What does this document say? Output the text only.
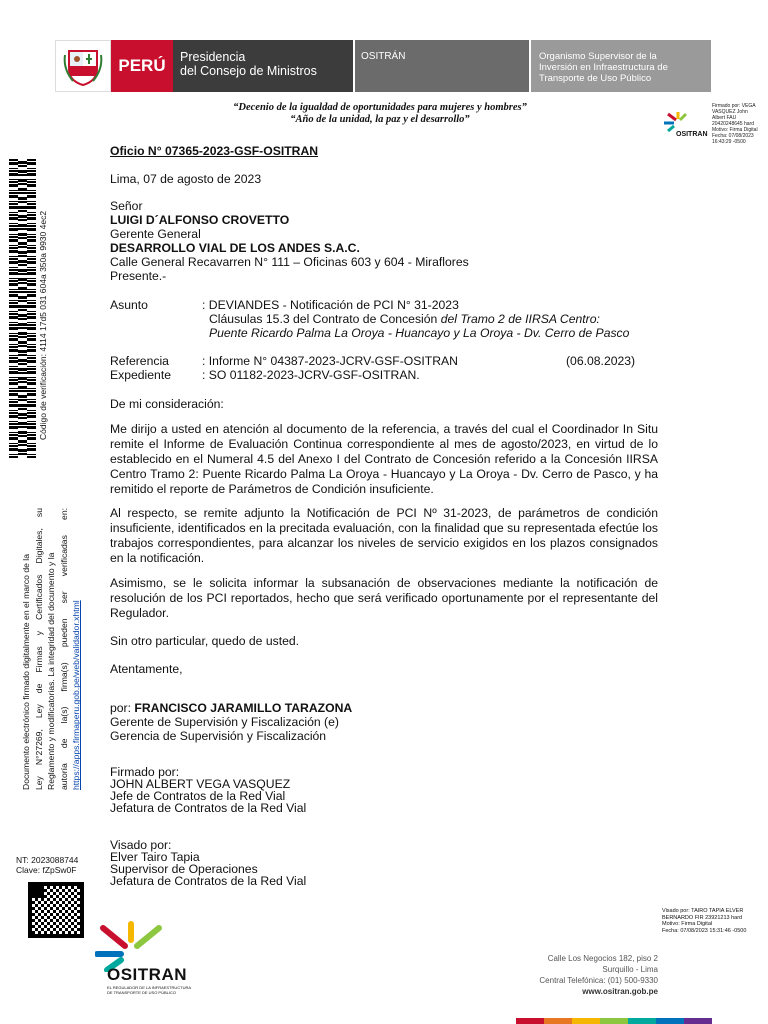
PERÚ	Presidencia
del Consejo de Ministros
OSITRÁN	Organismo Supervisor de la
Inversión en Infraestructura de
Transporte de Uso Público
“Decenio de la igualdad de oportunidades para mujeres y hombres”
“Año de la unidad, la paz y el desarrollo”
OSITRAN
Firmado por: VEGA
VASQUEZ John
Albert FAU
20420248645 hard
Motivo: Firma Digital
Fecha: 07/08/2023
16:43:29 -0500
Código de verificación: 4114 17d5 031 604a 350a 9930 4ec2
Documento electrónico firmado digitalmente en el marco de la Ley N°27269, Ley de Firmas y Certificados Digitales, su Reglamento y modificatorias. La integridad del documento y la autoría de la(s) firma(s) pueden ser verificadas en: https://apps.firmaperu.gob.pe/web/validador.xhtml
NT: 2023088744
Clave: fZpSw0F
Oficio N° 07365-2023-GSF-OSITRAN
Lima, 07 de agosto de 2023
Señor
LUIGI D´ALFONSO CROVETTO
Gerente General
DESARROLLO VIAL DE LOS ANDES S.A.C.
Calle General Recavarren N° 111 – Oficinas 603 y 604 - Miraflores
Presente.-
Asunto	: DEVIANDES - Notificación de PCI N° 31-2023
Cláusulas 15.3 del Contrato de Concesión del Tramo 2 de IIRSA Centro:
Puente Ricardo Palma La Oroya - Huancayo y La Oroya - Dv. Cerro de Pasco
Referencia	: Informe N° 04387-2023-JCRV-GSF-OSITRAN	(06.08.2023)
Expediente	: SO 01182-2023-JCRV-GSF-OSITRAN.
De mi consideración:
Me dirijo a usted en atención al documento de la referencia, a través del cual el Coordinador In Situ remite el Informe de Evaluación Continua correspondiente al mes de agosto/2023, en virtud de lo establecido en el Numeral 4.5 del Anexo I del Contrato de Concesión referido a la Concesión IIRSA Centro Tramo 2: Puente Ricardo Palma La Oroya - Huancayo y La Oroya - Dv. Cerro de Pasco, y ha remitido el reporte de Parámetros de Condición insuficiente.
Al respecto, se remite adjunto la Notificación de PCI Nº 31-2023, de parámetros de condición insuficiente, identificados en la precitada evaluación, con la finalidad que su representada efectúe los trabajos correspondientes, para alcanzar los niveles de servicio exigidos en los plazos consignados en la notificación.
Asimismo, se le solicita informar la subsanación de observaciones mediante la notificación de resolución de los PCI reportados, hecho que será verificado oportunamente por el representante del Regulador.
Sin otro particular, quedo de usted.
Atentamente,
por: FRANCISCO JARAMILLO TARAZONA
Gerente de Supervisión y Fiscalización (e)
Gerencia de Supervisión y Fiscalización
Firmado por:
JOHN ALBERT VEGA VASQUEZ
Jefe de Contratos de la Red Vial
Jefatura de Contratos de la Red Vial
Visado por:
Elver Tairo Tapia
Supervisor de Operaciones
Jefatura de Contratos de la Red Vial
Visado por: TAIRO TAPIA ELVER
BERNARDO FIR 23921213 hard
Motivo: Firma Digital
Fecha: 07/08/2023 15:31:46 -0500
OSITRAN
EL REGULADOR DE LA INFRAESTRUCTURA
DE TRANSPORTE DE USO PÚBLICO
Calle Los Negocios 182, piso 2
Surquillo - Lima
Central Telefónica: (01) 500-9330
www.ositran.gob.pe
